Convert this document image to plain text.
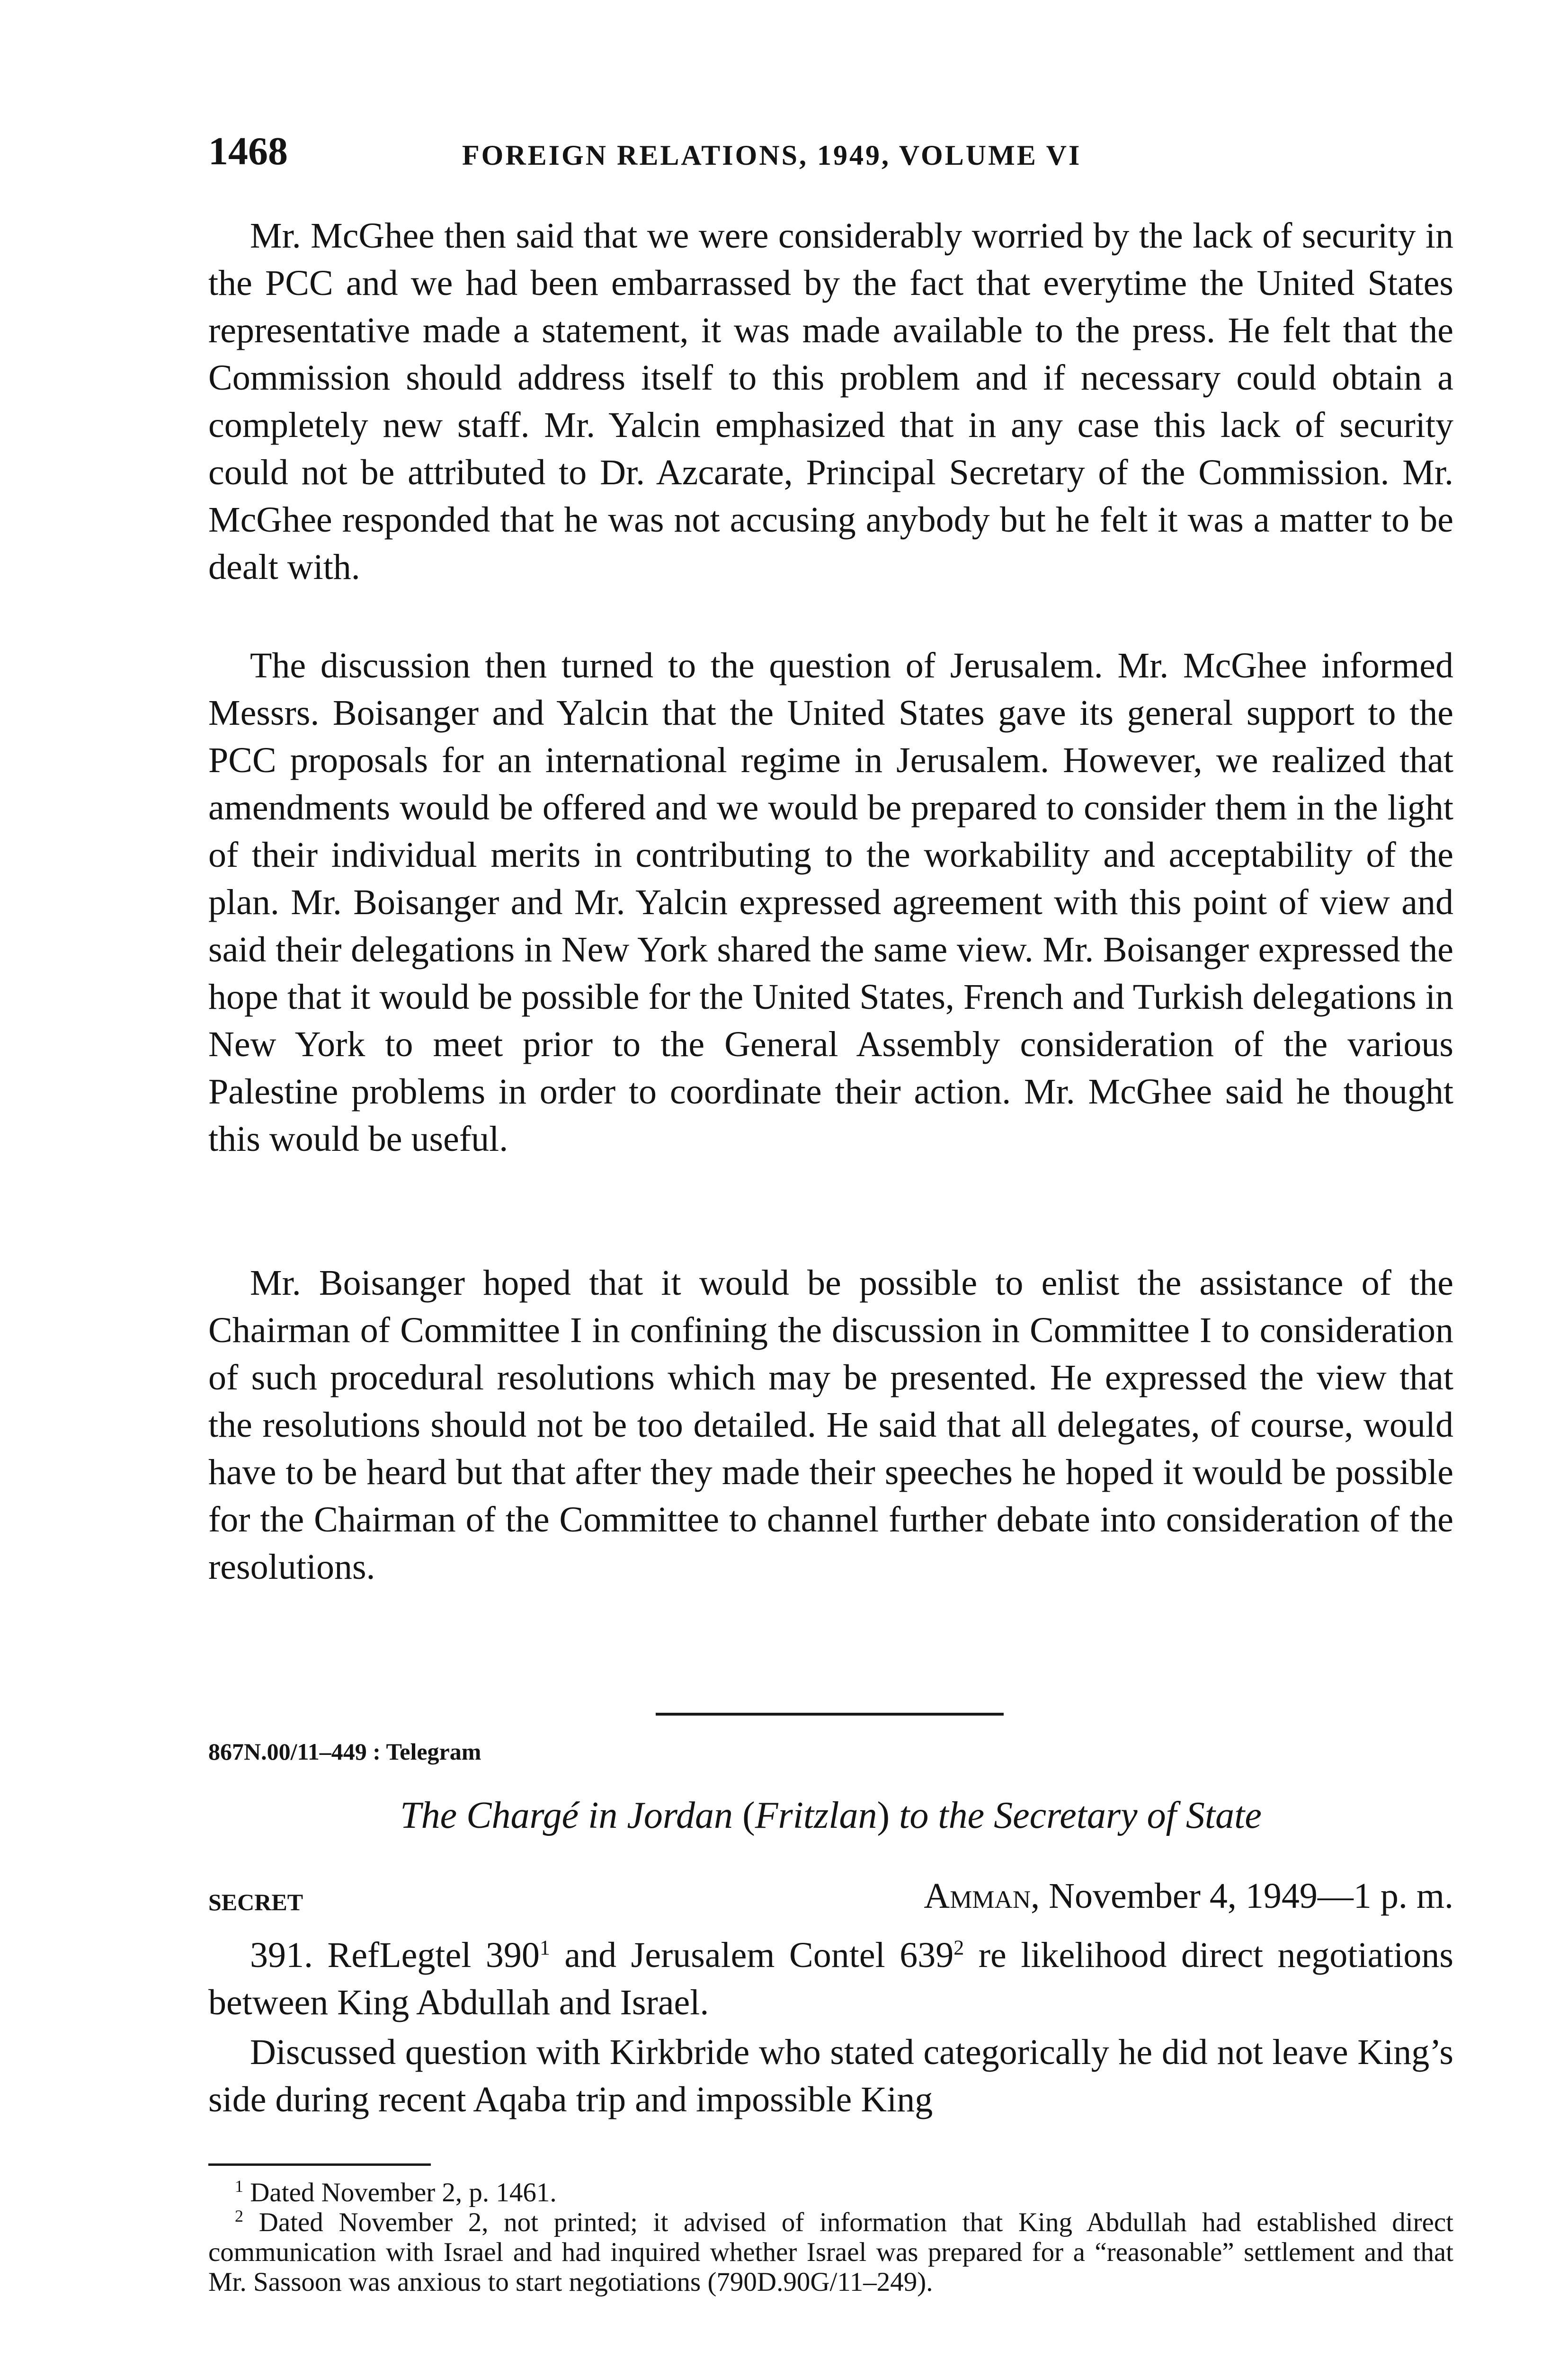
1468	FOREIGN RELATIONS, 1949, VOLUME VI

Mr. McGhee then said that we were considerably worried by the lack of security in the PCC and we had been embarrassed by the fact that everytime the United States representative made a statement, it was made available to the press. He felt that the Commission should address itself to this problem and if necessary could obtain a completely new staff. Mr. Yalcin emphasized that in any case this lack of security could not be attributed to Dr. Azcarate, Principal Secretary of the Commission. Mr. McGhee responded that he was not accusing anybody but he felt it was a matter to be dealt with.

The discussion then turned to the question of Jerusalem. Mr. McGhee informed Messrs. Boisanger and Yalcin that the United States gave its general support to the PCC proposals for an international regime in Jerusalem. However, we realized that amendments would be offered and we would be prepared to consider them in the light of their individual merits in contributing to the workability and acceptability of the plan. Mr. Boisanger and Mr. Yalcin expressed agreement with this point of view and said their delegations in New York shared the same view. Mr. Boisanger expressed the hope that it would be possible for the United States, French and Turkish delegations in New York to meet prior to the General Assembly consideration of the various Palestine problems in order to coordinate their action. Mr. McGhee said he thought this would be useful.

Mr. Boisanger hoped that it would be possible to enlist the assistance of the Chairman of Committee I in confining the discussion in Committee I to consideration of such procedural resolutions which may be presented. He expressed the view that the resolutions should not be too detailed. He said that all delegates, of course, would have to be heard but that after they made their speeches he hoped it would be possible for the Chairman of the Committee to channel further debate into consideration of the resolutions.

867N.00/11–449 : Telegram
The Chargé in Jordan (Fritzlan) to the Secretary of State
SECRET	Amman, November 4, 1949—1 p. m.

391. RefLegtel 390$^1$ and Jerusalem Contel 639$^2$ re likelihood direct negotiations between King Abdullah and Israel.

Discussed question with Kirkbride who stated categorically he did not leave King’s side during recent Aqaba trip and impossible King

$^1$ Dated November 2, p. 1461.

$^2$ Dated November 2, not printed; it advised of information that King Abdullah had established direct communication with Israel and had inquired whether Israel was prepared for a “reasonable” settlement and that Mr. Sassoon was anxious to start negotiations (790D.90G/11–249).
